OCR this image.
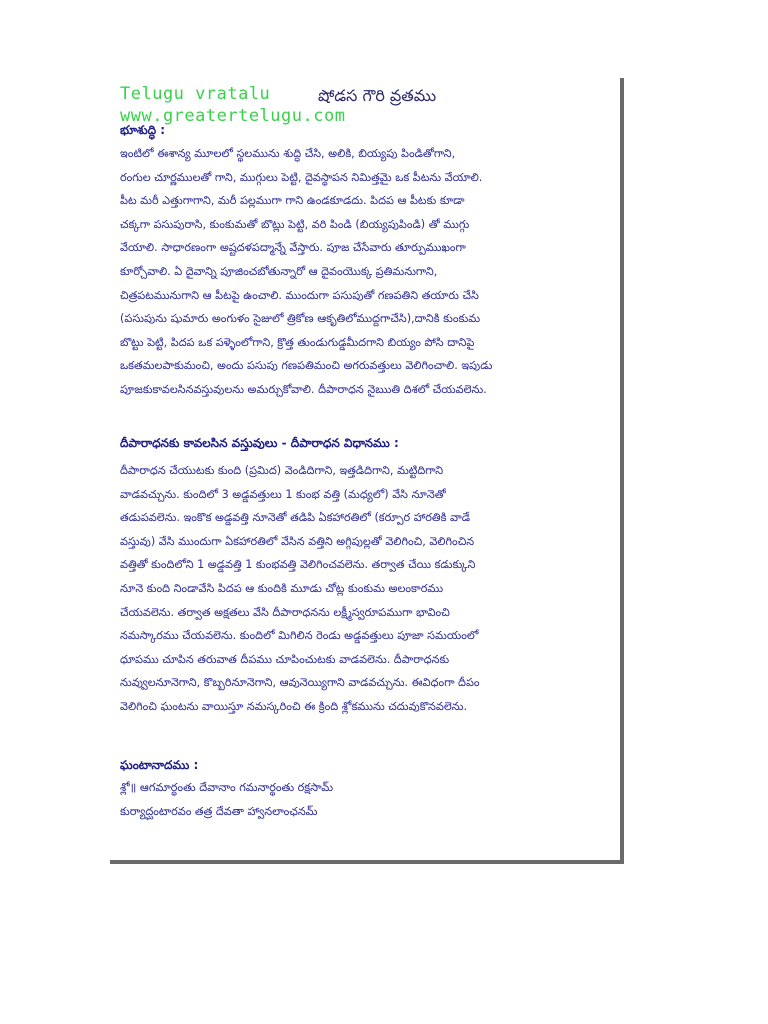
Telugu vratalu
www.greatertelugu.com
షోడస గౌరి వ్రతము
భూశుద్ధి :
ఇంటిలో ఈశాన్య మూలలో స్థలమును శుద్ధి చేసి, అలికి, బియ్యపు పిండితోగాని,
రంగుల చూర్ణములతో గాని, ముగ్గులు పెట్టి, దైవస్థాపన నిమిత్తమై ఒక పీటను వేయాలి.
పీట మరీ ఎత్తుగాగాని, మరీ పల్లముగా గాని ఉండకూడదు. పిదప ఆ పీటకు కూడా
చక్కగా పసుపురాసి, కుంకుమతో బొట్లు పెట్టి, వరి పిండి (బియ్యపుపిండి) తో ముగ్గు
వేయాలి. సాధారణంగా అష్టదళపద్మాన్నే వేస్తారు. పూజ చేసేవారు తూర్పుముఖంగా
కూర్చోవాలి. ఏ దైవాన్ని పూజించబోతున్నారో ఆ దైవంయొక్క ప్రతిమనుగాని,
చిత్రపటమునుగాని ఆ పీటపై ఉంచాలి. ముందుగా పసుపుతో గణపతిని తయారు చేసి
(పసుపును షుమారు అంగుళం సైజులో త్రికోణ ఆకృతిలోముద్దగాచేసి),దానికి కుంకుమ
బొట్టు పెట్టి, పిదప ఒక పళ్ళెంలోగాని, క్రొత్త తుండుగుడ్డమీదగాని బియ్యం పోసి దానిపై
ఒకతమలపాకుమంచి, అందు పసుపు గణపతిమంచి అగరువత్తులు వెలిగించాలి. ఇపుడు
పూజకుకావలసినవస్తువులను అమర్చుకోవాలి. దీపారాధన నైఋతి దిశలో చేయవలెను.
దీపారాధనకు కావలసిన వస్తువులు - దీపారాధన విధానము :
దీపారాధన చేయుటకు కుంది (ప్రమిద) వెండిదిగాని, ఇత్తడిదిగాని, మట్టిదిగాని
వాడవచ్చును. కుందిలో 3 అడ్డవత్తులు 1 కుంభ వత్తి (మధ్యలో) వేసి నూనెతో
తడుపవలెను. ఇంకొక అడ్డవత్తి నూనెతో తడిపి ఏకహారతిలో (కర్పూర హారతికి వాడే
వస్తువు) వేసి ముందుగా ఏకహారతిలో వేసిన వత్తిని అగ్గిపుల్లతో వెలిగించి, వెలిగించిన
వత్తితో కుందిలోని 1 అడ్డవత్తి 1 కుంభవత్తి వెలిగించవలెను. తర్వాత చేయి కడుక్కుని
నూనె కుంది నిండావేసి పిదప ఆ కుందికి మూడు చోట్ల కుంకుమ అలంకారము
చేయవలెను. తర్వాత అక్షతలు వేసి దీపారాధనను లక్ష్మీస్వరూపముగా భావించి
నమస్కారము చేయవలెను. కుందిలో మిగిలిన రెండు అడ్డవత్తులు పూజా సమయంలో
ధూపము చూపిన తరువాత దీపము చూపించుటకు వాడవలెను. దీపారాధనకు
నువ్వులనూనెగాని, కొబ్బరినూనెగాని, ఆవునెయ్యిగాని వాడవచ్చును. ఈవిధంగా దీపం
వెలిగించి ఘంటను వాయిస్తూ నమస్కరించి ఈ క్రింది శ్లోకమును చదువుకొనవలెను.
ఘంటానాదము :
శ్లో॥ ఆగమార్థంతు దేవానాం గమనార్థంతు రక్షసామ్
కుర్యాద్ఘంటారవం తత్ర దేవతా హ్వానలాంఛనమ్
